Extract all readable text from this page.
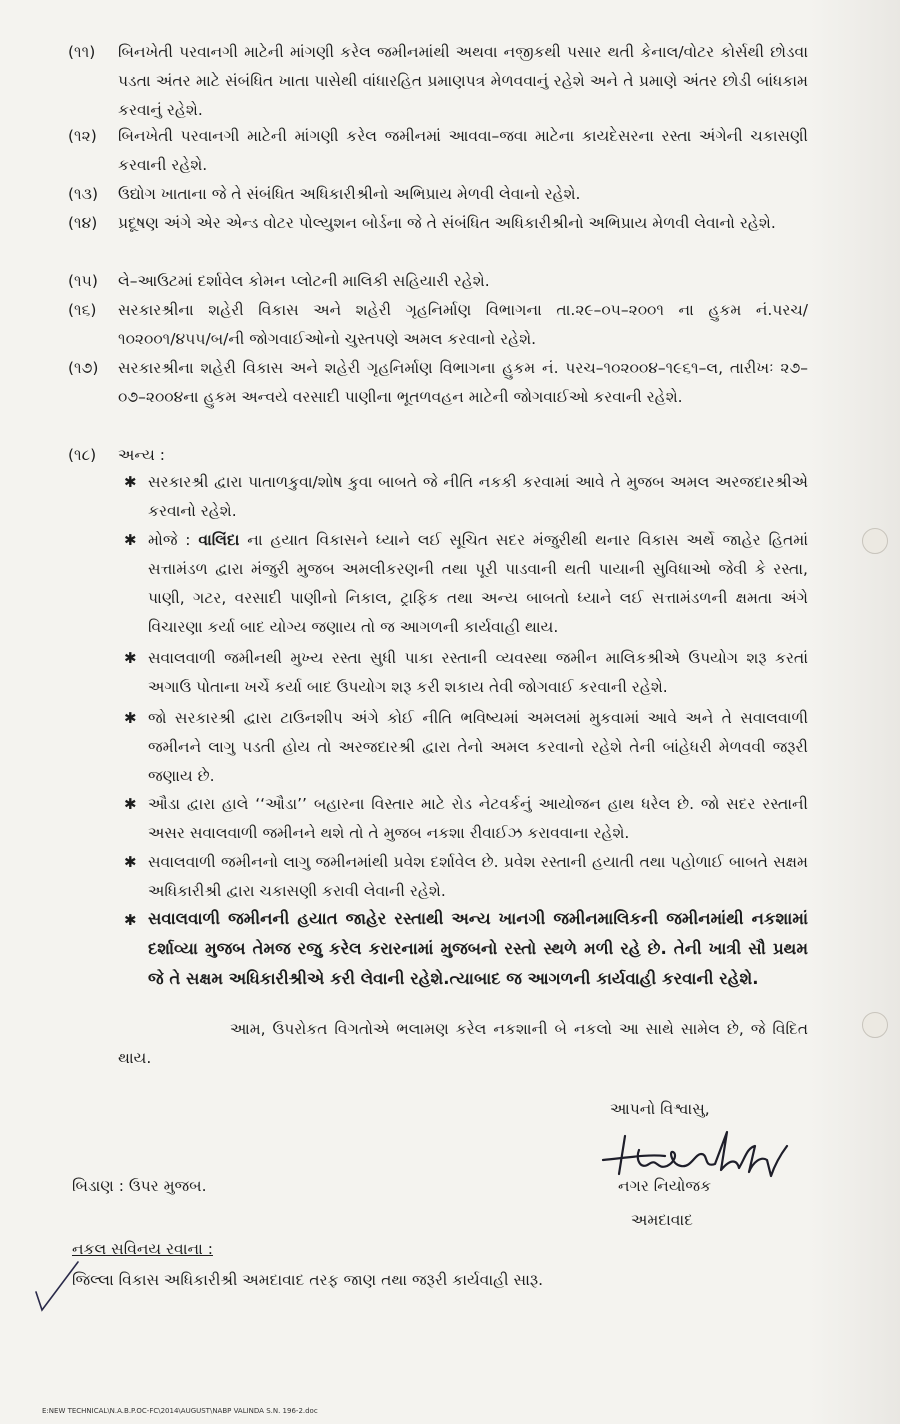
(૧૧)	બિનખેતી પરવાનગી માટેની માંગણી કરેલ જમીનમાંથી અથવા નજીકથી પસાર થતી કેનાલ/વોટર કોર્સથી છોડવા પડતા અંતર માટે સંબંધિત ખાતા પાસેથી વાંધારહિત પ્રમાણપત્ર મેળવવાનું રહેશે અને તે પ્રમાણે અંતર છોડી બાંધકામ કરવાનું રહેશે.
(૧૨)	બિનખેતી પરવાનગી માટેની માંગણી કરેલ જમીનમાં આવવા–જવા માટેના કાયદેસરના રસ્તા અંગેની ચકાસણી કરવાની રહેશે.
(૧૩)	ઉદ્યોગ ખાતાના જે તે સંબંધિત અધિકારીશ્રીનો અભિપ્રાય મેળવી લેવાનો રહેશે.
(૧૪)	પ્રદૂષણ અંગે એર એન્ડ વોટર પોલ્યુશન બોર્ડના જે તે સંબંધિત અધિકારીશ્રીનો અભિપ્રાય મેળવી લેવાનો રહેશે.
(૧૫)	લે–આઉટમાં દર્શાવેલ કોમન પ્લોટની માલિકી સહિયારી રહેશે.
(૧૬)	સરકારશ્રીના શહેરી વિકાસ અને શહેરી ગૃહનિર્માણ વિભાગના તા.૨૯–૦૫–૨૦૦૧ ના હુકમ નં.પરચ/ ૧૦૨૦૦૧/૪૫૫/બ/ની જોગવાઈઓનો ચુસ્તપણે અમલ કરવાનો રહેશે.
(૧૭)	સરકારશ્રીના શહેરી વિકાસ અને શહેરી ગૃહનિર્માણ વિભાગના હુકમ નં. પરચ–૧૦૨૦૦૪–૧૯૬૧–લ, તારીખઃ ૨૭–૦૭–૨૦૦૪ના હુકમ અન્વયે વરસાદી પાણીના ભૂતળવહન માટેની જોગવાઈઓ કરવાની રહેશે.
(૧૮)	અન્ય :
✱ સરકારશ્રી દ્વારા પાતાળકુવા/શોષ કુવા બાબતે જે નીતિ નકકી કરવામાં આવે તે મુજબ અમલ અરજદારશ્રીએ કરવાનો રહેશે.
✱ મોજે : વાલિંદા ના હયાત વિકાસને ધ્યાને લઈ સૂચિત સદર મંજુરીથી થનાર વિકાસ અર્થે જાહેર હિતમાં સત્તામંડળ દ્વારા મંજુરી મુજબ અમલીકરણની તથા પૂરી પાડવાની થતી પાયાની સુવિધાઓ જેવી કે રસ્તા, પાણી, ગટર, વરસાદી પાણીનો નિકાલ, ટ્રાફિક તથા અન્ય બાબતો ધ્યાને લઈ સત્તામંડળની ક્ષમતા અંગે વિચારણા કર્યા બાદ યોગ્ય જણાય તો જ આગળની કાર્યવાહી થાય.
✱ સવાલવાળી જમીનથી મુખ્ય રસ્તા સુધી પાકા રસ્તાની વ્યવસ્થા જમીન માલિકશ્રીએ ઉપયોગ શરૂ કરતાં અગાઉ પોતાના ખર્ચે કર્યા બાદ ઉપયોગ શરૂ કરી શકાય તેવી જોગવાઈ કરવાની રહેશે.
✱ જો સરકારશ્રી દ્વારા ટાઉનશીપ અંગે કોઈ નીતિ ભવિષ્યમાં અમલમાં મુકવામાં આવે અને તે સવાલવાળી જમીનને લાગુ પડતી હોય તો અરજદારશ્રી દ્વારા તેનો અમલ કરવાનો રહેશે તેની બાંહેધરી મેળવવી જરૂરી જણાય છે.
✱ ઔડા દ્વારા હાલે ‘‘ઔડા’’ બહારના વિસ્તાર માટે રોડ નેટવર્કનું આયોજન હાથ ધરેલ છે. જો સદર રસ્તાની અસર સવાલવાળી જમીનને થશે તો તે મુજબ નકશા રીવાઈઝ કરાવવાના રહેશે.
✱ સવાલવાળી જમીનનો લાગુ જમીનમાંથી પ્રવેશ દર્શાવેલ છે. પ્રવેશ રસ્તાની હયાતી તથા પહોળાઈ બાબતે સક્ષમ અધિકારીશ્રી દ્વારા ચકાસણી કરાવી લેવાની રહેશે.
✱ સવાલવાળી જમીનની હયાત જાહેર રસ્તાથી અન્ય ખાનગી જમીનમાલિકની જમીનમાંથી નકશામાં દર્શાવ્યા મુજબ તેમજ રજુ કરેલ કરારનામાં મુજબનો રસ્તો સ્થળે મળી રહે છે. તેની ખાત્રી સૌ પ્રથમ જે તે સક્ષમ અધિકારીશ્રીએ કરી લેવાની રહેશે.ત્યાબાદ જ આગળની કાર્યવાહી કરવાની રહેશે.
આમ, ઉપરોકત વિગતોએ ભલામણ કરેલ નકશાની બે નકલો આ સાથે સામેલ છે, જે વિદિત થાય.
આપનો વિશ્વાસુ,
નગર નિયોજક
અમદાવાદ
બિડાણ : ઉપર મુજબ.
નકલ સવિનય રવાના :
જિલ્લા વિકાસ અધિકારીશ્રી અમદાવાદ તરફ જાણ તથા જરૂરી કાર્યવાહી સારૂ.
E:NEW TECHNICAL\N.A.B.P.OC-FC\2014\AUGUST\NABP VALINDA S.N. 196-2.doc
